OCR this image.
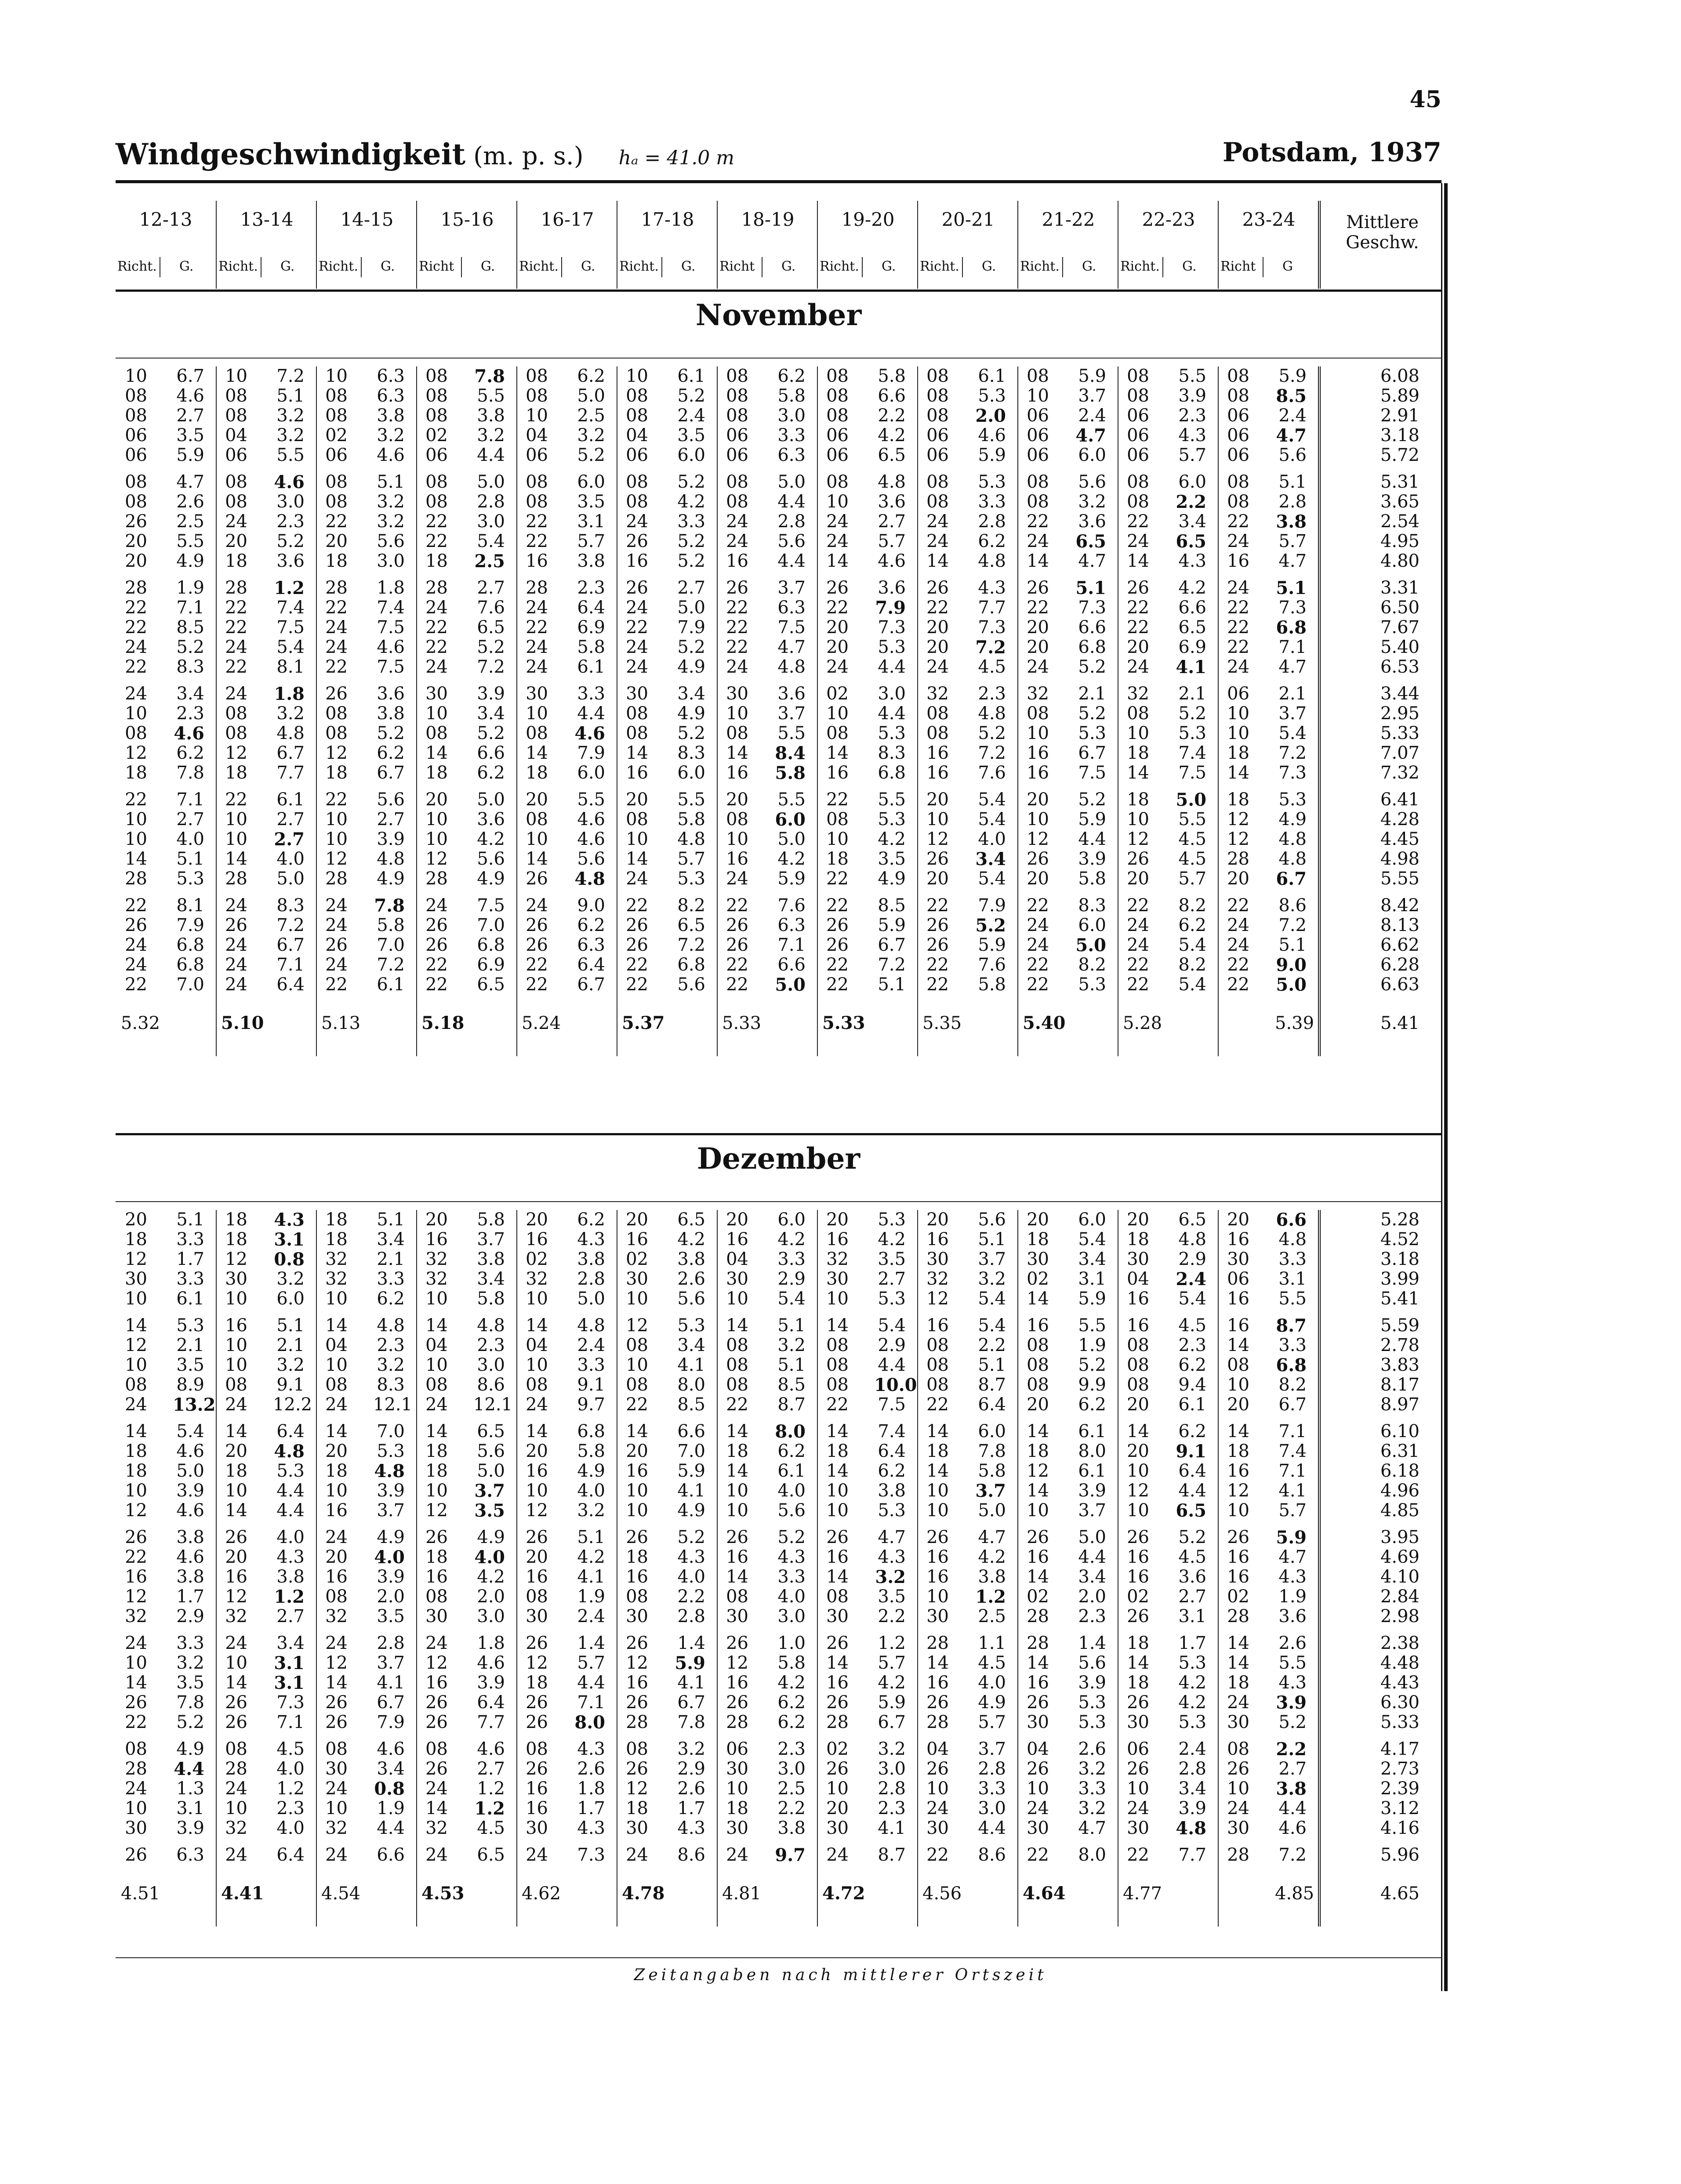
45
Windgeschwindigkeit (m. p. s.) hₐ = 41.0 m	Potsdam, 1937
12-13
Richt. G.
13-14
Richt. G.
14-15
Richt. G.
15-16
Richt G.
16-17
Richt. G.
17-18
Richt. G.
18-19
Richt G.
19-20
Richt. G.
20-21
Richt. G.
21-22
Richt. G.
22-23
Richt. G.
23-24
Richt G
Mittlere Geschw.
November
10 6.7 10 7.2 10 6.3 08 7.8 08 6.2 10 6.1 08 6.2 08 5.8 08 6.1 08 5.9 08 5.5 08 5.9	6.08
08 4.6 08 5.1 08 6.3 08 5.5 08 5.0 08 5.2 08 5.8 08 6.6 08 5.3 10 3.7 08 3.9 08 8.5	5.89
08 2.7 08 3.2 08 3.8 08 3.8 10 2.5 08 2.4 08 3.0 08 2.2 08 2.0 06 2.4 06 2.3 06 2.4	2.91
06 3.5 04 3.2 02 3.2 02 3.2 04 3.2 04 3.5 06 3.3 06 4.2 06 4.6 06 4.7 06 4.3 06 4.7	3.18
06 5.9 06 5.5 06 4.6 06 4.4 06 5.2 06 6.0 06 6.3 06 6.5 06 5.9 06 6.0 06 5.7 06 5.6	5.72
08 4.7 08 4.6 08 5.1 08 5.0 08 6.0 08 5.2 08 5.0 08 4.8 08 5.3 08 5.6 08 6.0 08 5.1	5.31
08 2.6 08 3.0 08 3.2 08 2.8 08 3.5 08 4.2 08 4.4 10 3.6 08 3.3 08 3.2 08 2.2 08 2.8	3.65
26 2.5 24 2.3 22 3.2 22 3.0 22 3.1 24 3.3 24 2.8 24 2.7 24 2.8 22 3.6 22 3.4 22 3.8	2.54
20 5.5 20 5.2 20 5.6 22 5.4 22 5.7 26 5.2 24 5.6 24 5.7 24 6.2 24 6.5 24 6.5 24 5.7	4.95
20 4.9 18 3.6 18 3.0 18 2.5 16 3.8 16 5.2 16 4.4 14 4.6 14 4.8 14 4.7 14 4.3 16 4.7	4.80
28 1.9 28 1.2 28 1.8 28 2.7 28 2.3 26 2.7 26 3.7 26 3.6 26 4.3 26 5.1 26 4.2 24 5.1	3.31
22 7.1 22 7.4 22 7.4 24 7.6 24 6.4 24 5.0 22 6.3 22 7.9 22 7.7 22 7.3 22 6.6 22 7.3	6.50
22 8.5 22 7.5 24 7.5 22 6.5 22 6.9 22 7.9 22 7.5 20 7.3 20 7.3 20 6.6 22 6.5 22 6.8	7.67
24 5.2 24 5.4 24 4.6 22 5.2 24 5.8 24 5.2 22 4.7 20 5.3 20 7.2 20 6.8 20 6.9 22 7.1	5.40
22 8.3 22 8.1 22 7.5 24 7.2 24 6.1 24 4.9 24 4.8 24 4.4 24 4.5 24 5.2 24 4.1 24 4.7	6.53
24 3.4 24 1.8 26 3.6 30 3.9 30 3.3 30 3.4 30 3.6 02 3.0 32 2.3 32 2.1 32 2.1 06 2.1	3.44
10 2.3 08 3.2 08 3.8 10 3.4 10 4.4 08 4.9 10 3.7 10 4.4 08 4.8 08 5.2 08 5.2 10 3.7	2.95
08 4.6 08 4.8 08 5.2 08 5.2 08 4.6 08 5.2 08 5.5 08 5.3 08 5.2 10 5.3 10 5.3 10 5.4	5.33
12 6.2 12 6.7 12 6.2 14 6.6 14 7.9 14 8.3 14 8.4 14 8.3 16 7.2 16 6.7 18 7.4 18 7.2	7.07
18 7.8 18 7.7 18 6.7 18 6.2 18 6.0 16 6.0 16 5.8 16 6.8 16 7.6 16 7.5 14 7.5 14 7.3	7.32
22 7.1 22 6.1 22 5.6 20 5.0 20 5.5 20 5.5 20 5.5 22 5.5 20 5.4 20 5.2 18 5.0 18 5.3	6.41
10 2.7 10 2.7 10 2.7 10 3.6 08 4.6 08 5.8 08 6.0 08 5.3 10 5.4 10 5.9 10 5.5 12 4.9	4.28
10 4.0 10 2.7 10 3.9 10 4.2 10 4.6 10 4.8 10 5.0 10 4.2 12 4.0 12 4.4 12 4.5 12 4.8	4.45
14 5.1 14 4.0 12 4.8 12 5.6 14 5.6 14 5.7 16 4.2 18 3.5 26 3.4 26 3.9 26 4.5 28 4.8	4.98
28 5.3 28 5.0 28 4.9 28 4.9 26 4.8 24 5.3 24 5.9 22 4.9 20 5.4 20 5.8 20 5.7 20 6.7	5.55
22 8.1 24 8.3 24 7.8 24 7.5 24 9.0 22 8.2 22 7.6 22 8.5 22 7.9 22 8.3 22 8.2 22 8.6	8.42
26 7.9 26 7.2 24 5.8 26 7.0 26 6.2 26 6.5 26 6.3 26 5.9 26 5.2 24 6.0 24 6.2 24 7.2	8.13
24 6.8 24 6.7 26 7.0 26 6.8 26 6.3 26 7.2 26 7.1 26 6.7 26 5.9 24 5.0 24 5.4 24 5.1	6.62
24 6.8 24 7.1 24 7.2 22 6.9 22 6.4 22 6.8 22 6.6 22 7.2 22 7.6 22 8.2 22 8.2 22 9.0	6.28
22 7.0 24 6.4 22 6.1 22 6.5 22 6.7 22 5.6 22 5.0 22 5.1 22 5.8 22 5.3 22 5.4 22 5.0	6.63
5.32	5.10	5.13	5.18	5.24	5.37	5.33	5.33	5.35	5.40	5.28	5.39	5.41
Dezember
20 5.1 18 4.3 18 5.1 20 5.8 20 6.2 20 6.5 20 6.0 20 5.3 20 5.6 20 6.0 20 6.5 20 6.6	5.28
18 3.3 18 3.1 18 3.4 16 3.7 16 4.3 16 4.2 16 4.2 16 4.2 16 5.1 18 5.4 18 4.8 16 4.8	4.52
12 1.7 12 0.8 32 2.1 32 3.8 02 3.8 02 3.8 04 3.3 32 3.5 30 3.7 30 3.4 30 2.9 30 3.3	3.18
30 3.3 30 3.2 32 3.3 32 3.4 32 2.8 30 2.6 30 2.9 30 2.7 32 3.2 02 3.1 04 2.4 06 3.1	3.99
10 6.1 10 6.0 10 6.2 10 5.8 10 5.0 10 5.6 10 5.4 10 5.3 12 5.4 14 5.9 16 5.4 16 5.5	5.41
14 5.3 16 5.1 14 4.8 14 4.8 14 4.8 12 5.3 14 5.1 14 5.4 16 5.4 16 5.5 16 4.5 16 8.7	5.59
12 2.1 10 2.1 04 2.3 04 2.3 04 2.4 08 3.4 08 3.2 08 2.9 08 2.2 08 1.9 08 2.3 14 3.3	2.78
10 3.5 10 3.2 10 3.2 10 3.0 10 3.3 10 4.1 08 5.1 08 4.4 08 5.1 08 5.2 08 6.2 08 6.8	3.83
08 8.9 08 9.1 08 8.3 08 8.6 08 9.1 08 8.0 08 8.5 08 10.0 08 8.7 08 9.9 08 9.4 10 8.2	8.17
24 13.2 24 12.2 24 12.1 24 12.1 24 9.7 22 8.5 22 8.7 22 7.5 22 6.4 20 6.2 20 6.1 20 6.7	8.97
14 5.4 14 6.4 14 7.0 14 6.5 14 6.8 14 6.6 14 8.0 14 7.4 14 6.0 14 6.1 14 6.2 14 7.1	6.10
18 4.6 20 4.8 20 5.3 18 5.6 20 5.8 20 7.0 18 6.2 18 6.4 18 7.8 18 8.0 20 9.1 18 7.4	6.31
18 5.0 18 5.3 18 4.8 18 5.0 16 4.9 16 5.9 14 6.1 14 6.2 14 5.8 12 6.1 10 6.4 16 7.1	6.18
10 3.9 10 4.4 10 3.9 10 3.7 10 4.0 10 4.1 10 4.0 10 3.8 10 3.7 14 3.9 12 4.4 12 4.1	4.96
12 4.6 14 4.4 16 3.7 12 3.5 12 3.2 10 4.9 10 5.6 10 5.3 10 5.0 10 3.7 10 6.5 10 5.7	4.85
26 3.8 26 4.0 24 4.9 26 4.9 26 5.1 26 5.2 26 5.2 26 4.7 26 4.7 26 5.0 26 5.2 26 5.9	3.95
22 4.6 20 4.3 20 4.0 18 4.0 20 4.2 18 4.3 16 4.3 16 4.3 16 4.2 16 4.4 16 4.5 16 4.7	4.69
16 3.8 16 3.8 16 3.9 16 4.2 16 4.1 16 4.0 14 3.3 14 3.2 16 3.8 14 3.4 16 3.6 16 4.3	4.10
12 1.7 12 1.2 08 2.0 08 2.0 08 1.9 08 2.2 08 4.0 08 3.5 10 1.2 02 2.0 02 2.7 02 1.9	2.84
32 2.9 32 2.7 32 3.5 30 3.0 30 2.4 30 2.8 30 3.0 30 2.2 30 2.5 28 2.3 26 3.1 28 3.6	2.98
24 3.3 24 3.4 24 2.8 24 1.8 26 1.4 26 1.4 26 1.0 26 1.2 28 1.1 28 1.4 18 1.7 14 2.6	2.38
10 3.2 10 3.1 12 3.7 12 4.6 12 5.7 12 5.9 12 5.8 14 5.7 14 4.5 14 5.6 14 5.3 14 5.5	4.48
14 3.5 14 3.1 14 4.1 16 3.9 18 4.4 16 4.1 16 4.2 16 4.2 16 4.0 16 3.9 18 4.2 18 4.3	4.43
26 7.8 26 7.3 26 6.7 26 6.4 26 7.1 26 6.7 26 6.2 26 5.9 26 4.9 26 5.3 26 4.2 24 3.9	6.30
22 5.2 26 7.1 26 7.9 26 7.7 26 8.0 28 7.8 28 6.2 28 6.7 28 5.7 30 5.3 30 5.3 30 5.2	5.33
08 4.9 08 4.5 08 4.6 08 4.6 08 4.3 08 3.2 06 2.3 02 3.2 04 3.7 04 2.6 06 2.4 08 2.2	4.17
28 4.4 28 4.0 30 3.4 26 2.7 26 2.6 26 2.9 30 3.0 26 3.0 26 2.8 26 3.2 26 2.8 26 2.7	2.73
24 1.3 24 1.2 24 0.8 24 1.2 16 1.8 12 2.6 10 2.5 10 2.8 10 3.3 10 3.3 10 3.4 10 3.8	2.39
10 3.1 10 2.3 10 1.9 14 1.2 16 1.7 18 1.7 18 2.2 20 2.3 24 3.0 24 3.2 24 3.9 24 4.4	3.12
30 3.9 32 4.0 32 4.4 32 4.5 30 4.3 30 4.3 30 3.8 30 4.1 30 4.4 30 4.7 30 4.8 30 4.6	4.16
26 6.3 24 6.4 24 6.6 24 6.5 24 7.3 24 8.6 24 9.7 24 8.7 22 8.6 22 8.0 22 7.7 28 7.2	5.96
4.51	4.41	4.54	4.53	4.62	4.78	4.81	4.72	4.56	4.64	4.77	4.85	4.65
Zeitangaben nach mittlerer Ortszeit
